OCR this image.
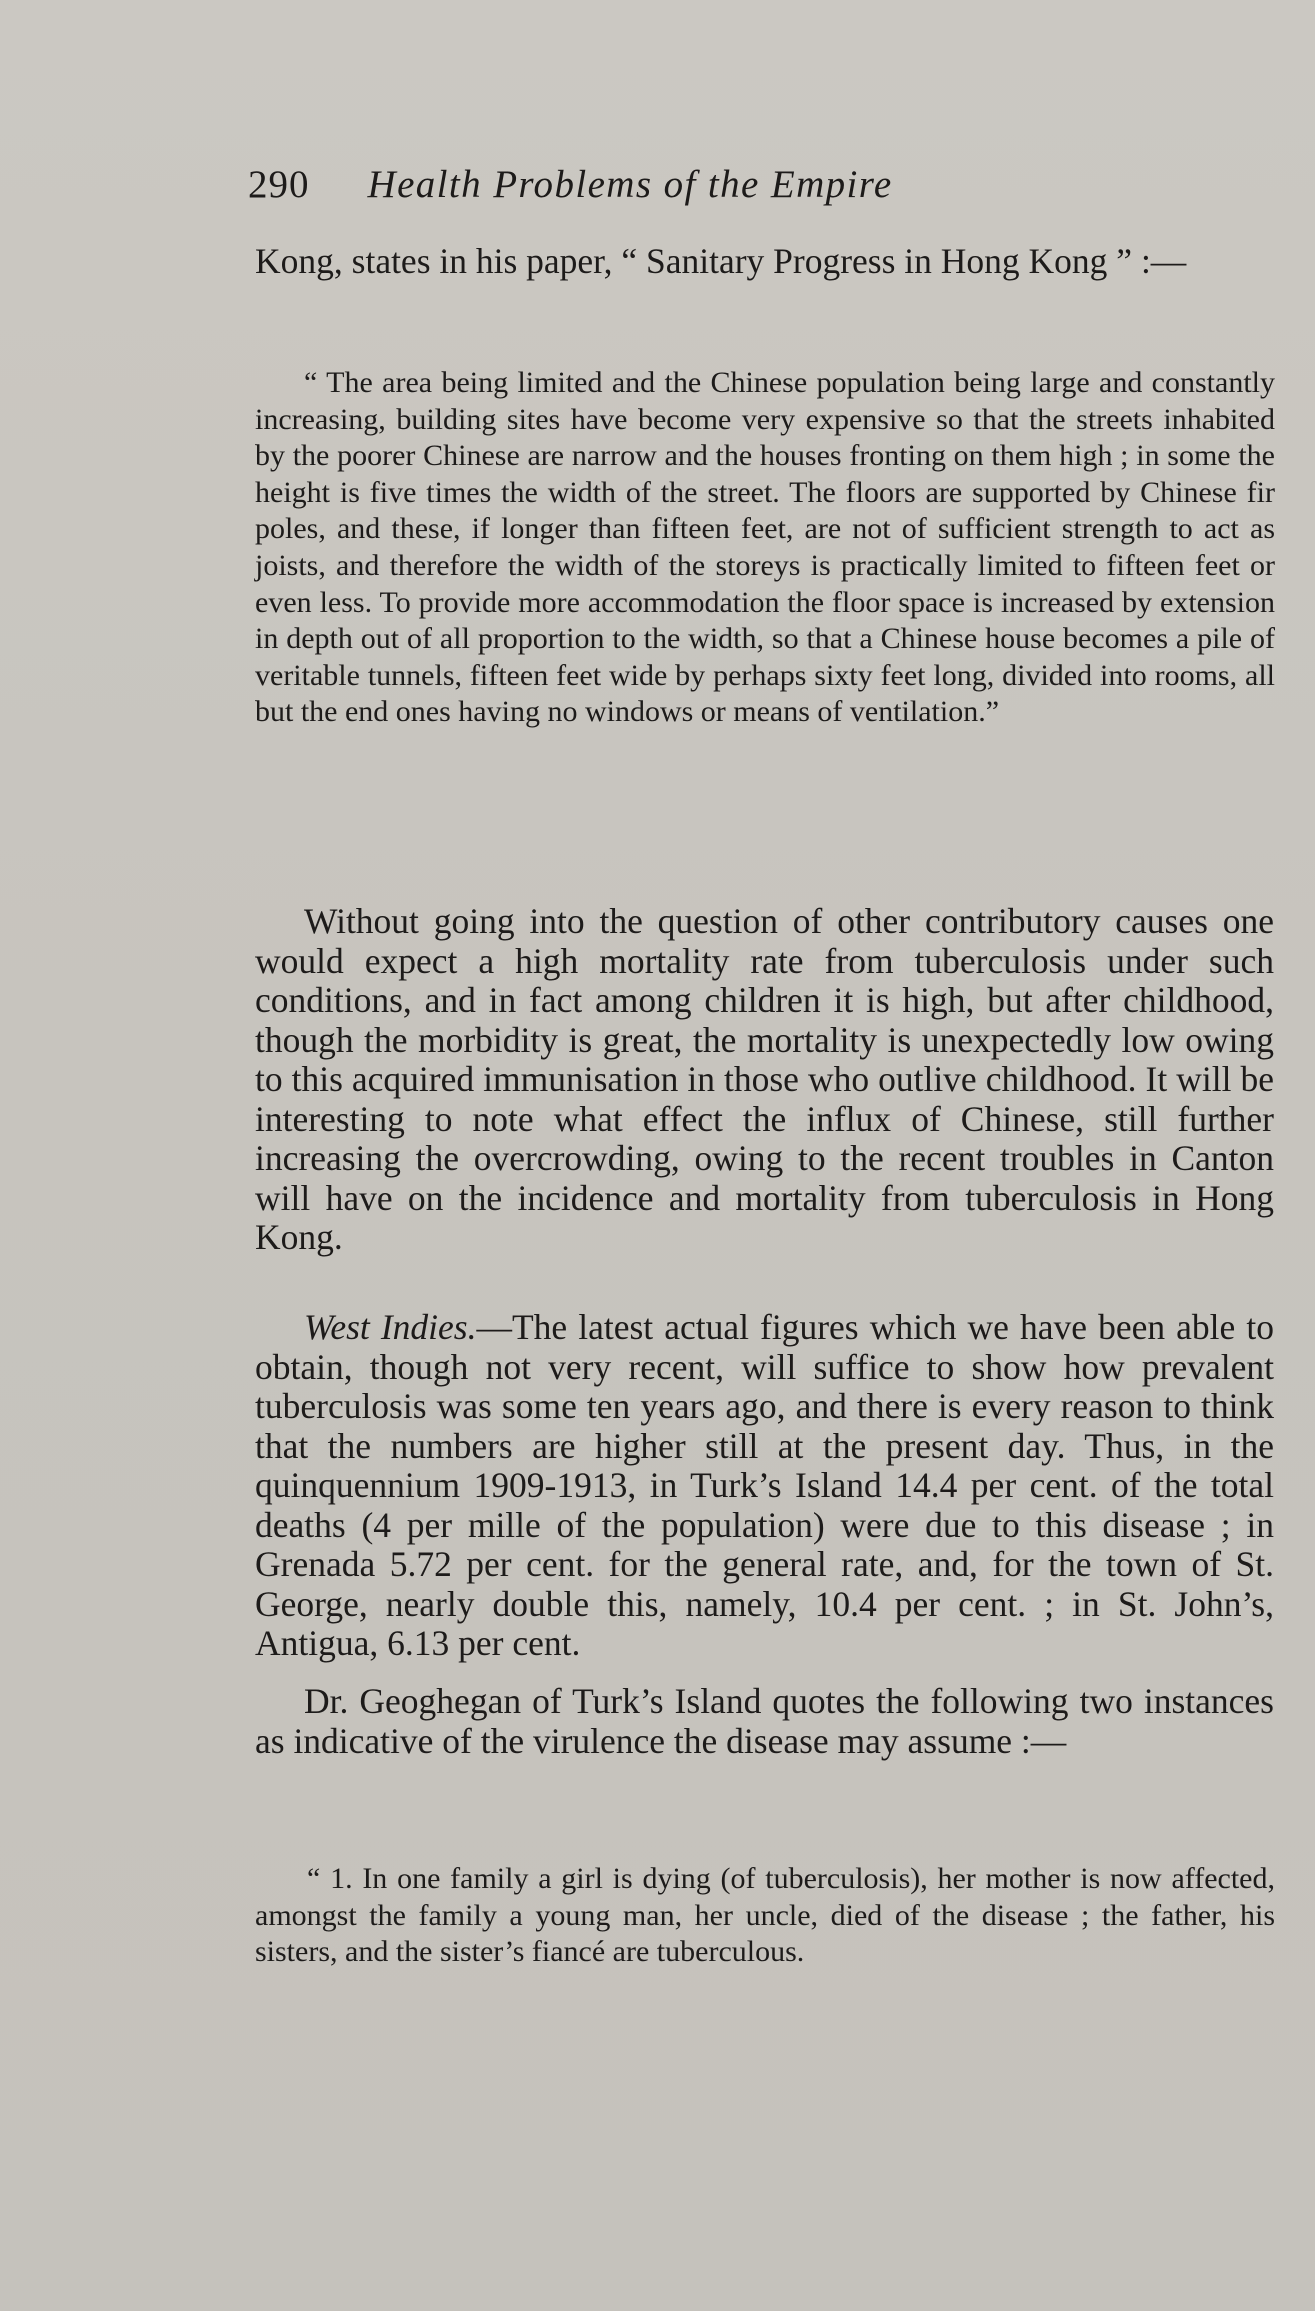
290 Health Problems of the Empire

Kong, states in his paper, “ Sanitary Progress in Hong Kong ” :—

“ The area being limited and the Chinese population being large and constantly increasing, building sites have become very expensive so that the streets inhabited by the poorer Chinese are narrow and the houses fronting on them high ; in some the height is five times the width of the street. The floors are supported by Chinese fir poles, and these, if longer than fifteen feet, are not of sufficient strength to act as joists, and therefore the width of the storeys is practically limited to fifteen feet or even less. To provide more accommodation the floor space is increased by extension in depth out of all proportion to the width, so that a Chinese house becomes a pile of veritable tunnels, fifteen feet wide by perhaps sixty feet long, divided into rooms, all but the end ones having no windows or means of ventilation.”

Without going into the question of other contributory causes one would expect a high mortality rate from tuberculosis under such conditions, and in fact among children it is high, but after childhood, though the morbidity is great, the mortality is unexpectedly low owing to this acquired immunisation in those who outlive childhood. It will be interesting to note what effect the influx of Chinese, still further increasing the overcrowding, owing to the recent troubles in Canton will have on the incidence and mortality from tuberculosis in Hong Kong.

West Indies.—The latest actual figures which we have been able to obtain, though not very recent, will suffice to show how prevalent tuberculosis was some ten years ago, and there is every reason to think that the numbers are higher still at the present day. Thus, in the quinquennium 1909-1913, in Turk’s Island 14.4 per cent. of the total deaths (4 per mille of the population) were due to this disease ; in Grenada 5.72 per cent. for the general rate, and, for the town of St. George, nearly double this, namely, 10.4 per cent. ; in St. John’s, Antigua, 6.13 per cent.

Dr. Geoghegan of Turk’s Island quotes the following two instances as indicative of the virulence the disease may assume :—

“ 1. In one family a girl is dying (of tuberculosis), her mother is now affected, amongst the family a young man, her uncle, died of the disease ; the father, his sisters, and the sister’s fiancé are tuberculous.
